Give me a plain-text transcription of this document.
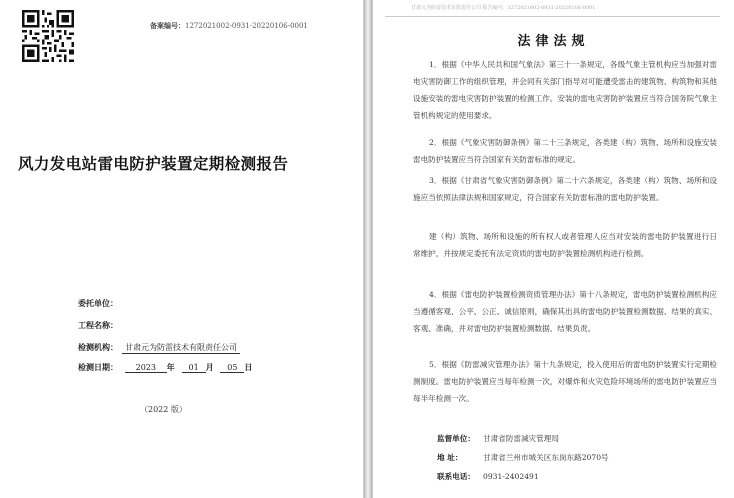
备案编号：1272021002-0931-20220106-0001
风力发电站雷电防护装置定期检测报告
委托单位：
工程名称：
检测机构： 甘肃元为防雷技术有限责任公司
检测日期： 2023 年 01 月 05 日
（2022 版）
甘肃元为防雷技术有限责任公司 报告编号：1272021002-0931-20220106-0001
法律法规

1．根据《中华人民共和国气象法》第三十一条规定，各级气象主管机构应当加强对雷电灾害防御工作的组织管理，并会同有关部门指导对可能遭受雷击的建筑物、构筑物和其他设施安装的雷电灾害防护装置的检测工作。安装的雷电灾害防护装置应当符合国务院气象主管机构规定的使用要求。

2．根据《气象灾害防御条例》第二十三条规定，各类建（构）筑物、场所和设施安装雷电防护装置应当符合国家有关防雷标准的规定。

3．根据《甘肃省气象灾害防御条例》第二十六条规定，各类建（构）筑物、场所和设施应当依照法律法规和国家规定，符合国家有关防雷标准的雷电防护装置。

建（构）筑物、场所和设施的所有权人或者管理人应当对安装的雷电防护装置进行日常维护，并按规定委托有法定资质的雷电防护装置检测机构进行检测。

4．根据《雷电防护装置检测资质管理办法》第十八条规定，雷电防护装置检测机构应当遵循客观、公平、公正、诚信原则，确保其出具的雷电防护装置检测数据、结果的真实、客观、准确，并对雷电防护装置检测数据、结果负责。

5．根据《防雷减灾管理办法》第十九条规定，投入使用后的雷电防护装置实行定期检测制度。雷电防护装置应当每年检测一次，对爆炸和火灾危险环境场所的雷电防护装置应当每半年检测一次。

监督单位： 甘肃省防雷减灾管理局
地 址：	甘肃省兰州市城关区东岗东路2070号
联系电话： 0931-2402491
